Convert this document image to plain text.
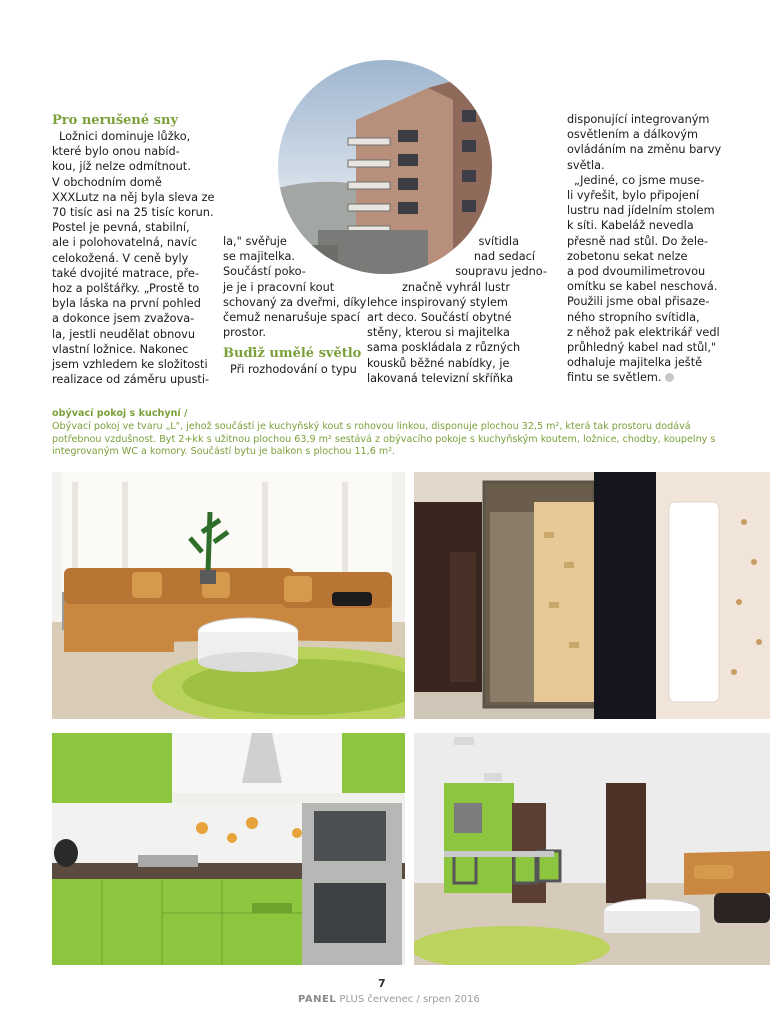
Pro nerušené sny
Ložnici dominuje lůžko,
které bylo onou nabíd-
kou, jíž nelze odmítnout.
V obchodním domě
XXXLutz na něj byla sleva ze
70 tisíc asi na 25 tisíc korun.
Postel je pevná, stabilní,
ale i polohovatelná, navíc
celokožená. V ceně byly
také dvojité matrace, pře-
hoz a polštářky. „Prostě to
byla láska na první pohled
a dokonce jsem zvažova-
la, jestli neudělat obnovu
vlastní ložnice. Nakonec
jsem vzhledem ke složitosti
realizace od záměru upusti-
la," svěřuje
se majitelka.
Součástí poko-
je je i pracovní kout
schovaný za dveřmi, díky
čemuž nenarušuje spací
prostor.
Buďiž umělé světlo
Při rozhodování o typu
svítidla
nad sedací
soupravu jedno-
značně vyhrál lustr
lehce inspirovaný stylem
art deco. Součástí obytné
stěny, kterou si majitelka
sama poskládala z různých
kousků běžné nabídky, je
lakovaná televizní skříňka
disponující integrovaným
osvětlením a dálkovým
ovládáním na změnu barvy
světla.
„Jediné, co jsme muse-
li vyřešit, bylo připojení
lustru nad jídelním stolem
k síti. Kabeláž nevedla
přesně nad stůl. Do želе-
zobetonu sekat nelze
a pod dvoumilimetrovou
omítku se kabel neschová.
Použili jsme obal přisaze-
ného stropního svítidla,
z něhož pak elektrikář vedl
průhledný kabel nad stůl,"
odhaluje majitelka ještě
fintu se světlem.
obývací pokoj s kuchyní /
Obývací pokoj ve tvaru „L", jehož součástí je kuchyňský kout s rohovou linkou, disponuje plochou 32,5 m², která tak prostoru dodává potřebnou vzdušnost. Byt 2+kk s užitnou plochou 63,9 m² sestává z obývacího pokoje s kuchyňským koutem, ložnice, chodby, koupelny s integrovaným WC a komory. Součástí bytu je balkon s plochou 11,6 m².
7
PANEL PLUS červenec / srpen 2016
